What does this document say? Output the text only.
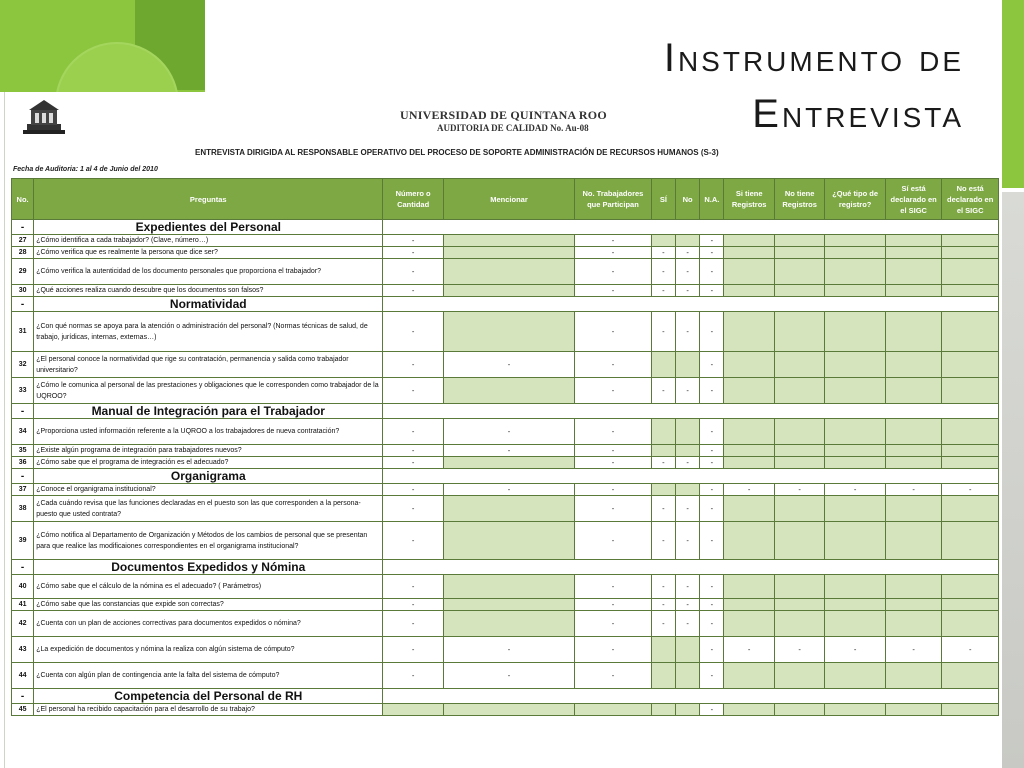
UNIVERSIDAD DE QUINTANA ROO
AUDITORIA DE CALIDAD No. Au-08
ENTREVISTA DIRIGIDA AL RESPONSABLE OPERATIVO DEL PROCESO DE SOPORTE ADMINISTRACIÓN DE RECURSOS HUMANOS (S-3)
Fecha de Auditoria: 1 al 4 de Junio del 2010
No.	Preguntas	Número o Cantidad	Mencionar	No. Trabajadores que Participan	SÍ	No	N.A.	Si tiene Registros	No tiene Registros	¿Qué tipo de registro?	Sí está declarado en el SIGC	No está declarado en el SIGC
-	Expedientes del Personal											
27	¿Cómo identifica a cada trabajador? (Clave, número…)	-		-			-					
28	¿Cómo verifica que es realmente la persona que dice ser?	-		-	-	-	-					
29	¿Cómo verifica la autenticidad de los documento personales que proporciona el trabajador?	-		-	-	-	-					
30	¿Qué acciones realiza cuando descubre que los documentos son falsos?	-		-	-	-	-					
-	Normatividad											
31	¿Con qué normas se apoya para la atención o administración del personal? (Normas técnicas de salud, de trabajo, jurídicas, internas, externas…)	-		-	-	-	-					
32	¿El personal conoce la normatividad que rige su contratación, permanencia y salida como trabajador universitario?	-	-	-			-					
33	¿Cómo le comunica al personal de las prestaciones y obligaciones que le corresponden como trabajador de la UQROO?	-		-	-	-	-					
-	Manual de Integración para el Trabajador											
34	¿Proporciona usted información referente a la UQROO a los trabajadores de nueva contratación?	-	-	-			-					
35	¿Existe algún programa de integración para trabajadores nuevos?	-	-	-			-					
36	¿Cómo sabe que el programa de integración es el adecuado?	-		-	-	-	-					
-	Organigrama											
37	¿Conoce el organigrama institucional?	-	-	-			-	-	-	-	-	-
38	¿Cada cuándo revisa que las funciones declaradas en el puesto son las que corresponden a la persona- puesto que usted contrata?	-		-	-	-	-					
39	¿Cómo notifica al Departamento de Organización y Métodos de los cambios de personal que se presentan para que realice las modificaiones correspondientes en el organigrama institucional?	-		-	-	-	-					
-	Documentos Expedidos y Nómina											
40	¿Cómo sabe que el cálculo de la nómina es el adecuado? ( Parámetros)	-		-	-	-	-					
41	¿Cómo sabe que las constancias que expide son correctas?	-		-	-	-	-					
42	¿Cuenta con un plan de acciones correctivas para documentos expedidos o nómina?	-		-	-	-	-					
43	¿La expedición de documentos y nómina la realiza con algún sistema de cómputo?	-	-	-			-	-	-	-	-	-
44	¿Cuenta con algún plan de contingencia ante la falta del sistema de cómputo?	-	-	-			-					
-	Competencia del Personal de RH											
45	¿El personal ha recibido capacitación para el desarrollo de su trabajo?						-					
Instrumento de
Entrevista
